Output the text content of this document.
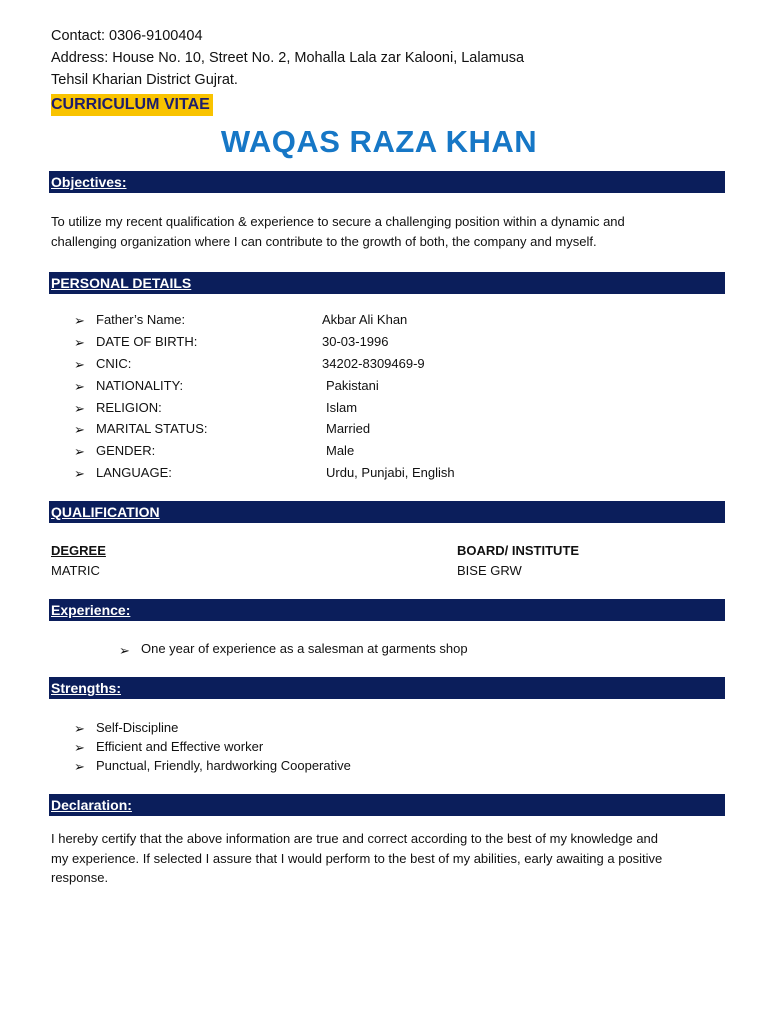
Contact: 0306-9100404
Address: House No. 10, Street No. 2, Mohalla Lala zar Kalooni, Lalamusa
Tehsil Kharian District Gujrat.
CURRICULUM VITAE
WAQAS RAZA KHAN
Objectives:
To utilize my recent qualification & experience to secure a challenging position within a dynamic and
challenging organization where I can contribute to the growth of both, the company and myself.
PERSONAL DETAILS
➢ Father’s Name:	Akbar Ali Khan
➢ DATE OF BIRTH:	30-03-1996
➢ CNIC:	34202-8309469-9
➢ NATIONALITY:	Pakistani
➢ RELIGION:	Islam
➢ MARITAL STATUS:	Married
➢ GENDER:	Male
➢ LANGUAGE:	Urdu, Punjabi, English
QUALIFICATION
DEGREE	BOARD/ INSTITUTE
MATRIC	BISE GRW
Experience:
➢ One year of experience as a salesman at garments shop
Strengths:
➢ Self-Discipline
➢ Efficient and Effective worker
➢ Punctual, Friendly, hardworking Cooperative
Declaration:
I hereby certify that the above information are true and correct according to the best of my knowledge and
my experience. If selected I assure that I would perform to the best of my abilities, early awaiting a positive
response.
